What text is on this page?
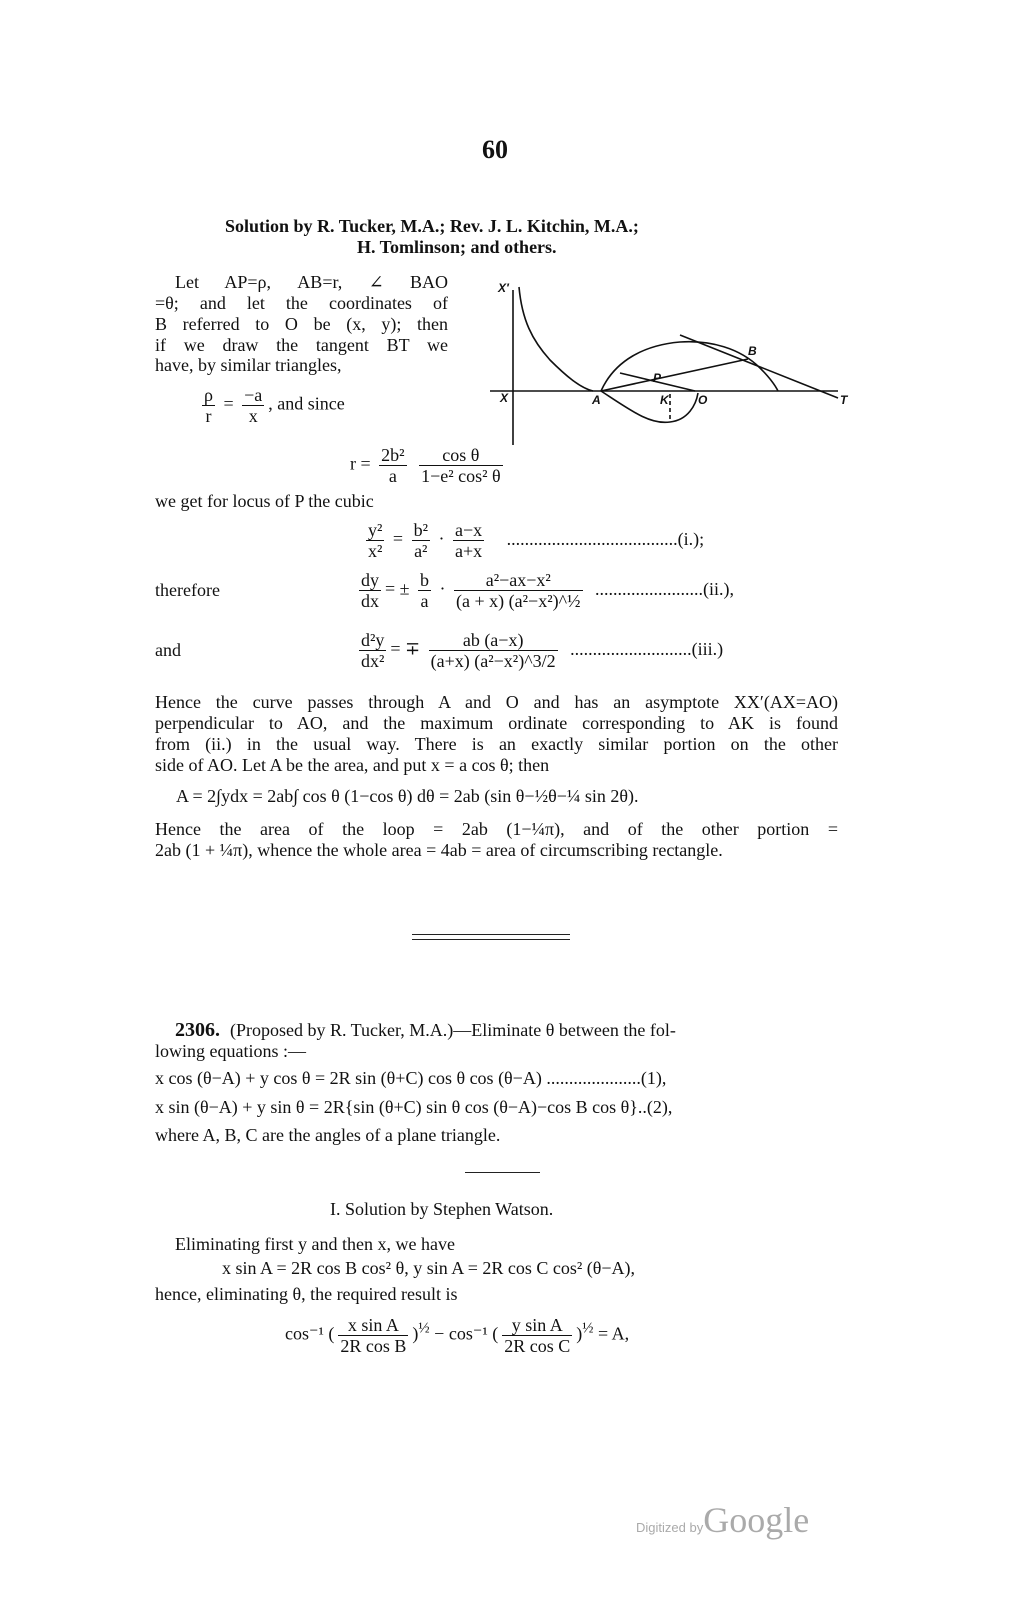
60
Solution by R. Tucker, M.A.; Rev. J. L. Kitchin, M.A.;
H. Tomlinson; and others.
Let AP=ρ, AB=r, ∠ BAO
=θ; and let the coordinates of
B referred to O be (x, y); then
if we draw the tangent BT we
have, by similar triangles,
$\frac{\rho}{r} = \frac{-a}{x}$ , and since
X′
X	A	K O	T
B
P
$r = \frac{\text{2b²}}{a}$
$\frac{\text{cos θ}}{\text{1−e² cos² θ}}$
we get for locus of P the cubic
$\frac{\text{y²}}{\text{x²}} = \frac{\text{b²}}{\text{a²}} \cdot \frac{a-x}{a+x} ......................................(i.)$;
therefore	$\frac{dy}{dx}$ = ± $\frac{b}{a} \cdot \frac{\text{a²−ax−x²}}{\text{(a + x) (a²−x²)\textasciicircum{}½}} ........................(ii.)$,
and	$\frac{\text{d²y}}{\text{dx²}}$ = ∓ $\frac{ab (a-x)}{\text{(a+x) (a²−x²)\textasciicircum{}3/2}} ...........................(iii.)$
Hence the curve passes through A and O and has an asymptote XX′(AX=AO)
perpendicular to AO, and the maximum ordinate corresponding to AK is found
from (ii.) in the usual way. There is an exactly similar portion on the other
side of AO. Let A be the area, and put x = a cos θ; then
A = 2∫ydx = 2ab∫ cos θ (1−cos θ) dθ = 2ab (sin θ−½θ−¼ sin 2θ).
Hence the area of the loop = 2ab (1−¼π), and of the other portion =
2ab (1 + ¼π), whence the whole area = 4ab = area of circumscribing rectangle.
2306. (Proposed by R. Tucker, M.A.)—Eliminate θ between the fol-
lowing equations :—
x cos (θ−A) + y cos θ = 2R sin (θ+C) cos θ cos (θ−A) .....................(1),
x sin (θ−A) + y sin θ = 2R{sin (θ+C) sin θ cos (θ−A)−cos B cos θ}..(2),
where A, B, C are the angles of a plane triangle.
I. Solution by Stephen Watson.
Eliminating first y and then x, we have
x sin A = 2R cos B cos² θ, y sin A = 2R cos C cos² (θ−A),
hence, eliminating θ, the required result is
cos⁻¹ ( $\frac{\text{x sin A}}{\text{2R cos B}} )^{\frac{1}{2}} - \cos^{-1}$ ( $\frac{\text{y sin A}}{\text{2R cos C}} )^{\frac{1}{2}} = A$,
Digitized byGoogle
